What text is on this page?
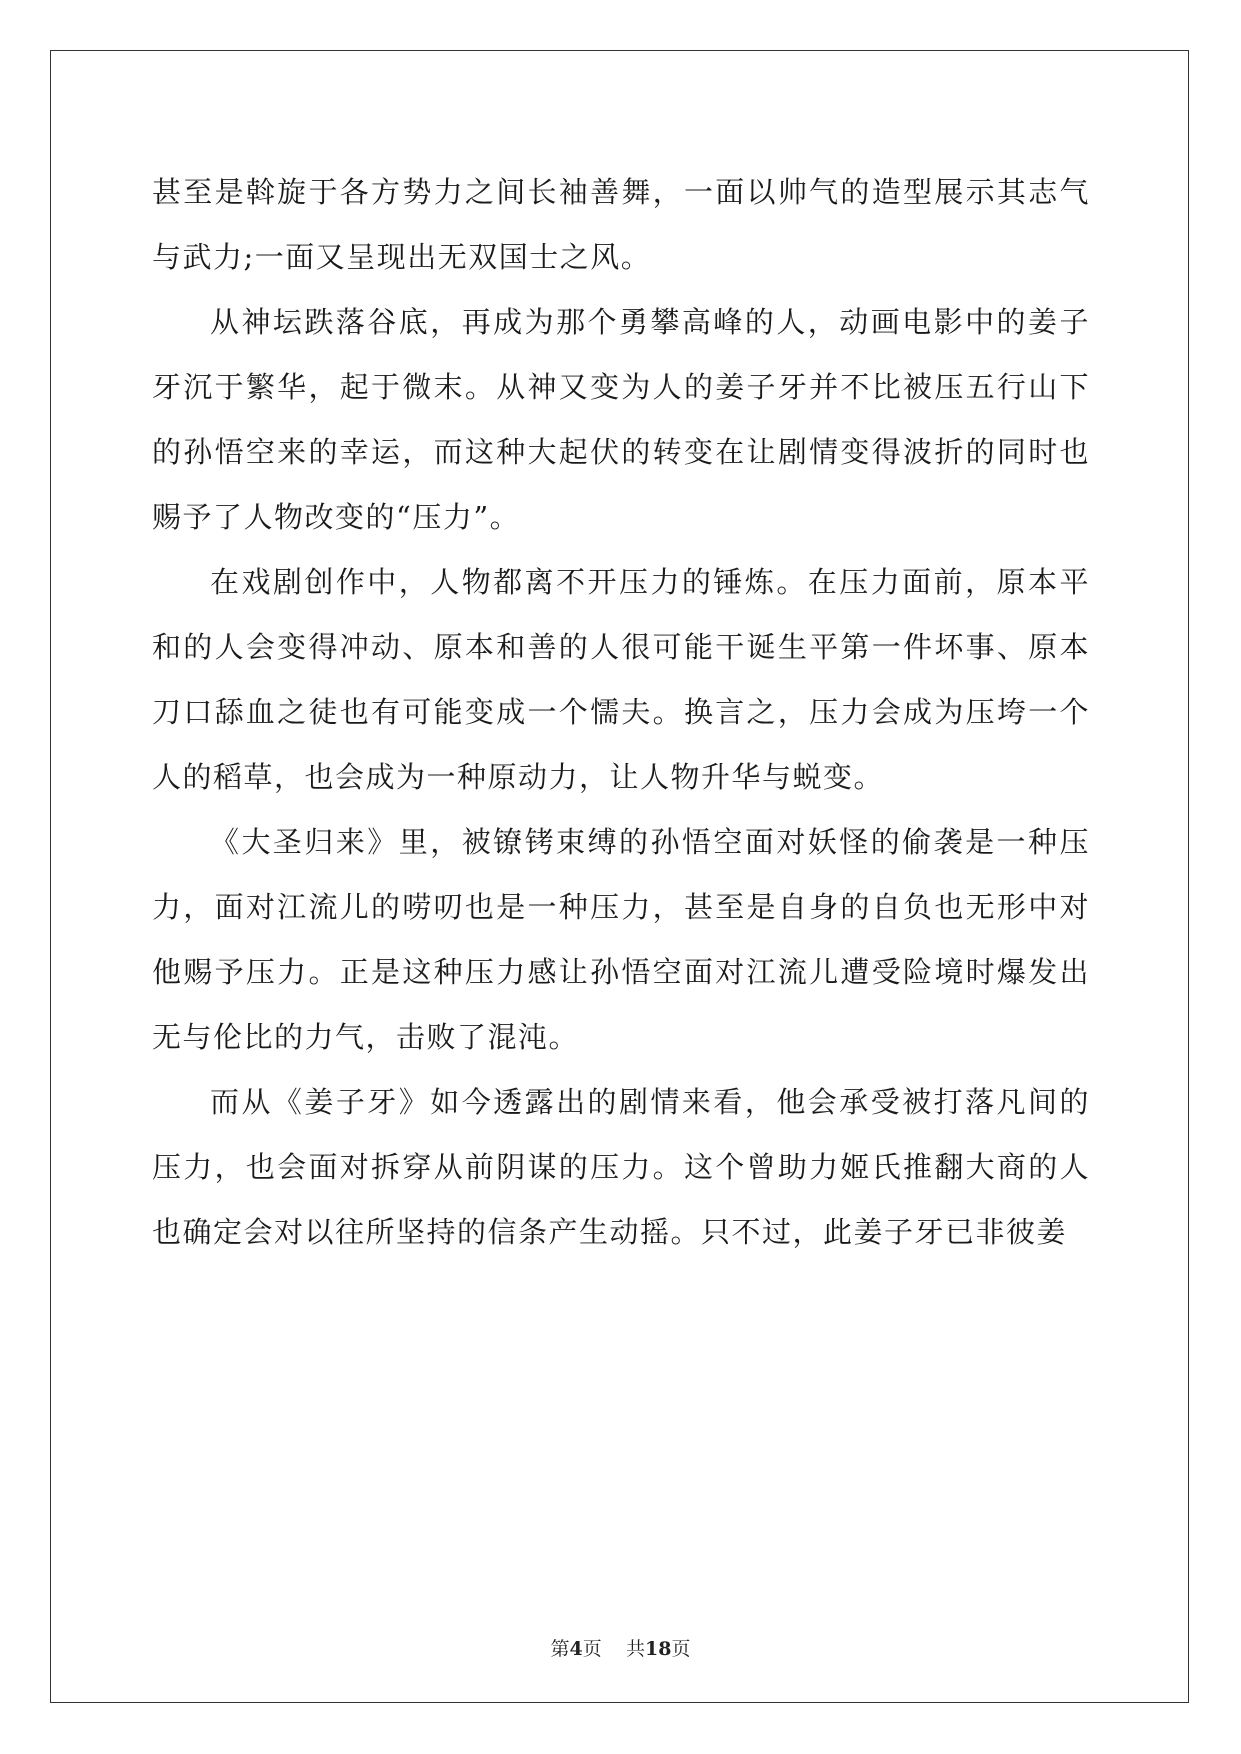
甚至是斡旋于各方势力之间长袖善舞，一面以帅气的造型展示其志气与武力;一面又呈现出无双国士之风。

从神坛跌落谷底，再成为那个勇攀高峰的人，动画电影中的姜子牙沉于繁华，起于微末。从神又变为人的姜子牙并不比被压五行山下的孙悟空来的幸运，而这种大起伏的转变在让剧情变得波折的同时也赐予了人物改变的“压力”。

在戏剧创作中，人物都离不开压力的锤炼。在压力面前，原本平和的人会变得冲动、原本和善的人很可能干诞生平第一件坏事、原本刀口舔血之徒也有可能变成一个懦夫。换言之，压力会成为压垮一个人的稻草，也会成为一种原动力，让人物升华与蜕变。

《大圣归来》里，被镣铐束缚的孙悟空面对妖怪的偷袭是一种压力，面对江流儿的唠叨也是一种压力，甚至是自身的自负也无形中对他赐予压力。正是这种压力感让孙悟空面对江流儿遭受险境时爆发出无与伦比的力气，击败了混沌。

而从《姜子牙》如今透露出的剧情来看，他会承受被打落凡间的压力，也会面对拆穿从前阴谋的压力。这个曾助力姬氏推翻大商的人也确定会对以往所坚持的信条产生动摇。只不过，此姜子牙已非彼姜

第4页 共18页
